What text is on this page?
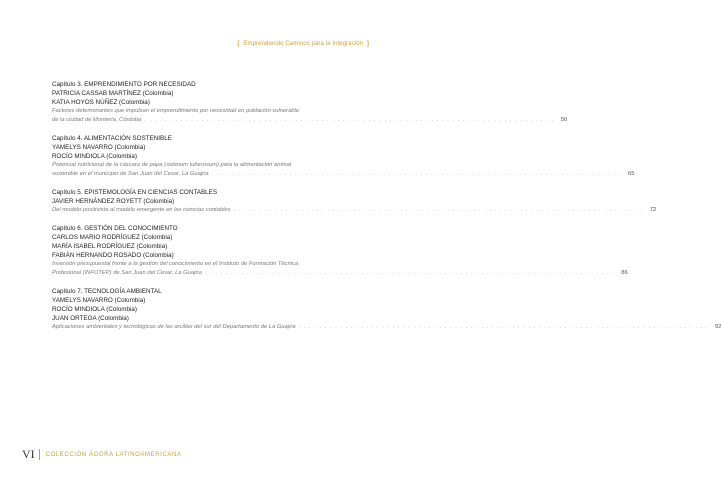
[ Emprendiendo Caminos para la Integración ]
Capítulo 3. EMPRENDIMIENTO POR NECESIDAD
PATRICIA CASSAB MARTÍNEZ (Colombia)
KATIA HOYOS NÚÑEZ (Colombia)
Factores determinantes que impulsan el emprendimiento por necesidad en población vulnerable
de la ciudad de Montería, Córdoba . . . . . . . . . . . . . . . . . . . . . . . . . . . . . . . . . . . . . . . . . . . . . . . . . . . . . . . . . . . . . . . . . . . . . . . . . . . . . . .	50
Capítulo 4. ALIMENTACIÓN SOSTENIBLE
YAMELYS NAVARRO (Colombia)
ROCÍO MINDIOLA (Colombia)
Potencial nutricional de la cáscara de papa (solanum tuberosum) para la alimentación animal
sostenible en el municipio de San Juan del Cesar, La Guajira . . . . . . . . . . . . . . . . . . . . . . . . . . . . . . . . . . . . . . . . . . . . . . . . . . . . . . . . . . . . . . . . . . . . . . . . . . . . . . .	65
Capítulo 5. EPISTEMOLOGÍA EN CIENCIAS CONTABLES
JAVIER HERNÁNDEZ ROYETT (Colombia)
Del modelo positivista al modelo emergente en las ciencias contables . . . . . . . . . . . . . . . . . . . . . . . . . . . . . . . . . . . . . . . . . . . . . . . . . . . . . . . . . . . . . . . . . . . . . . . . . . . . . . .	72
Capítulo 6. GESTIÓN DEL CONOCIMIENTO
CARLOS MARIO RODRÍGUEZ (Colombia)
MARÍA ISABEL RODRÍGUEZ (Colombia)
FABIÁN HERNANDO ROSADO (Colombia)
Inversión presupuestal frente a la gestión del conocimiento en el Instituto de Formación Técnica
Profesional (INFOTEP) de San Juan del Cesar, La Guajira . . . . . . . . . . . . . . . . . . . . . . . . . . . . . . . . . . . . . . . . . . . . . . . . . . . . . . . . . . . . . . . . . . . . . . . . . . . . . . .	86
Capítulo 7. TECNOLOGÍA AMBIENTAL
YAMELYS NAVARRO (Colombia)
ROCÍO MINDIOLA (Colombia)
JUAN ORTEGA (Colombia)
Aplicaciones ambientales y tecnológicas de las arcillas del sur del Departamento de La Guajira . . . . . . . . . . . . . . . . . . . . . . . . . . . . . . . . . . . . . . . . . . . . . . . . . . . . . . . . . . . . . . . . . . . . . . . . . . . . . . .	92
VI COLECCIÓN ÁGORA LATINOAMERICANA
